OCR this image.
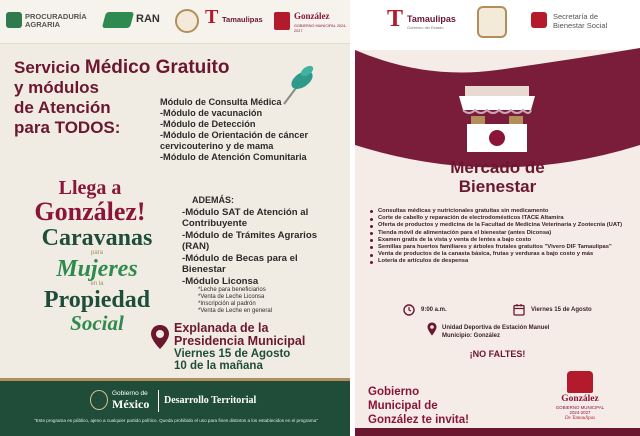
PROCURADURÍA AGRARIA	RAN T Tamaulipas	González
GOBIERNO MUNICIPAL 2024-2027
Servicio Médico Gratuito
y módulos
de Atención
para TODOS:
Módulo de Consulta Médica
-Módulo de vacunación
-Módulo de Detección
-Módulo de Orientación de cáncer cervicouterino y de mama
-Módulo de Atención Comunitaria
ADEMÁS:
-Módulo SAT de Atención al Contribuyente
-Módulo de Trámites Agrarios (RAN)
-Módulo de Becas para el Bienestar
-Módulo Liconsa
*Leche para beneficiarios
*Venta de Leche Liconsa
*Inscripción al padrón
*Venta de Leche en general
Llega a
González!
Caravanas
para
Mujeres
en la
Propiedad
Social	Explanada de la
Presidencia Municipal
Viernes 15 de Agosto
10 de la mañana
Gobierno de
México Desarrollo Territorial
"Este programa es público, ajeno a cualquier partido político. Queda prohibido el uso para fines distintos a los establecidos en el programa"
T Tamaulipas
Gobierno del Estado
Secretaría de
Bienestar Social
Mercado de
Bienestar
Consultas médicas y nutricionales gratuitas sin medicamento
Corte de cabello y reparación de electrodomésticos ITACE Altamira
Oferta de productos y medicina de la Facultad de Medicina Veterinaria y Zootecnia (UAT)
Tienda móvil de alimentación para el bienestar (antes Diconsa)
Examen gratis de la vista y venta de lentes a bajo costo
Semillas para huertos familiares y árboles frutales gratuitos "Vivero DIF Tamaulipas"
Venta de productos de la canasta básica, frutas y verduras a bajo costo y más
Lotería de artículos de despensa
9:00 a.m.	Viernes 15 de Agosto
Unidad Deportiva de Estación Manuel
Municipio: González
¡NO FALTES!
Gobierno
Municipal de
González te invita!
González
GOBIERNO MUNICIPAL
2024-2027
De Tamaulipas
